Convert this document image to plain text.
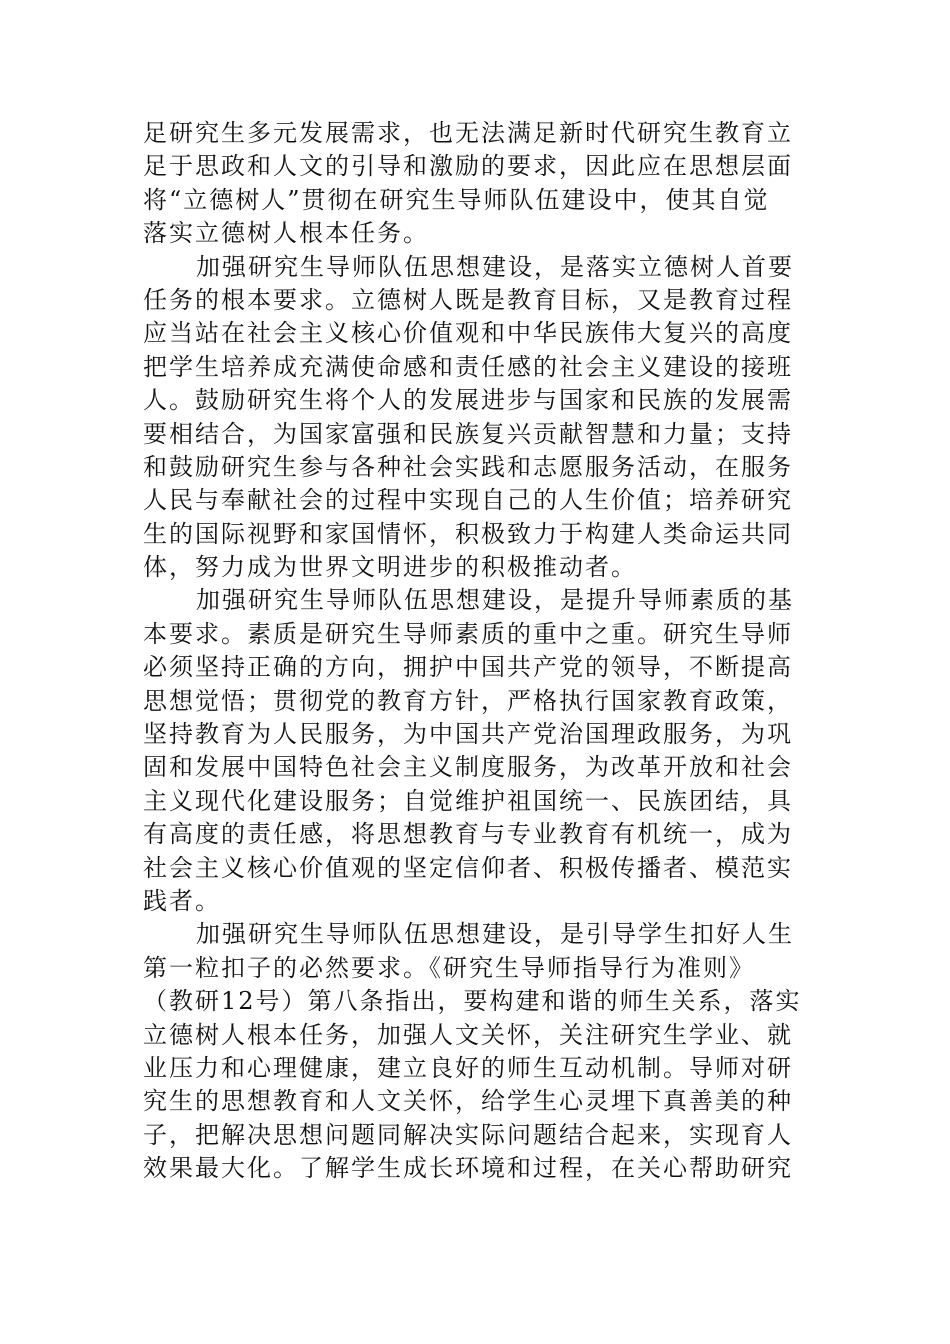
足研究生多元发展需求，也无法满足新时代研究生教育立
足于思政和人文的引导和激励的要求，因此应在思想层面
将“立德树人”贯彻在研究生导师队伍建设中，使其自觉
落实立德树人根本任务。
加强研究生导师队伍思想建设，是落实立德树人首要
任务的根本要求。立德树人既是教育目标，又是教育过程
应当站在社会主义核心价值观和中华民族伟大复兴的高度
把学生培养成充满使命感和责任感的社会主义建设的接班
人。鼓励研究生将个人的发展进步与国家和民族的发展需
要相结合，为国家富强和民族复兴贡献智慧和力量；支持
和鼓励研究生参与各种社会实践和志愿服务活动，在服务
人民与奉献社会的过程中实现自己的人生价值；培养研究
生的国际视野和家国情怀，积极致力于构建人类命运共同
体，努力成为世界文明进步的积极推动者。
加强研究生导师队伍思想建设，是提升导师素质的基
本要求。素质是研究生导师素质的重中之重。研究生导师
必须坚持正确的方向，拥护中国共产党的领导，不断提高
思想觉悟；贯彻党的教育方针，严格执行国家教育政策，
坚持教育为人民服务，为中国共产党治国理政服务，为巩
固和发展中国特色社会主义制度服务，为改革开放和社会
主义现代化建设服务；自觉维护祖国统一、民族团结，具
有高度的责任感，将思想教育与专业教育有机统一，成为
社会主义核心价值观的坚定信仰者、积极传播者、模范实
践者。
加强研究生导师队伍思想建设，是引导学生扣好人生
第一粒扣子的必然要求。《研究生导师指导行为准则》
（教研12号）第八条指出，要构建和谐的师生关系，落实
立德树人根本任务，加强人文关怀，关注研究生学业、就
业压力和心理健康，建立良好的师生互动机制。导师对研
究生的思想教育和人文关怀，给学生心灵埋下真善美的种
子，把解决思想问题同解决实际问题结合起来，实现育人
效果最大化。了解学生成长环境和过程，在关心帮助研究
